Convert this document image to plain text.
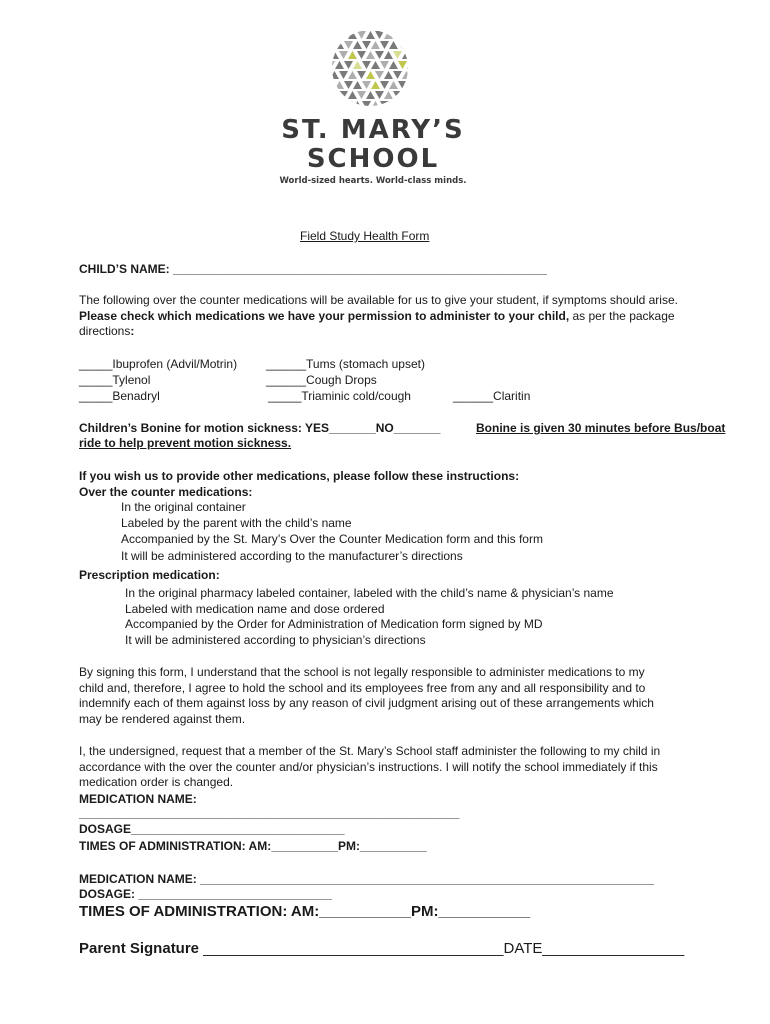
ST. MARY’S
SCHOOL
World-sized hearts. World-class minds.
Field Study Health Form
CHILD’S NAME: ________________________________________________________
The following over the counter medications will be available for us to give your student, if symptoms should arise.
Please check which medications we have your permission to administer to your child, as per the package
directions:
_____Ibuprofen (Advil/Motrin) ______Tums (stomach upset)
_____Tylenol	______Cough Drops
_____Benadryl	_____Triaminic cold/cough	______Claritin
Children’s Bonine for motion sickness: YES_______NO_______	Bonine is given 30 minutes before Bus/boat
ride to help prevent motion sickness.
If you wish us to provide other medications, please follow these instructions:
Over the counter medications:
In the original container
Labeled by the parent with the child’s name
Accompanied by the St. Mary’s Over the Counter Medication form and this form
It will be administered according to the manufacturer’s directions
Prescription medication:
In the original pharmacy labeled container, labeled with the child’s name & physician’s name
Labeled with medication name and dose ordered
Accompanied by the Order for Administration of Medication form signed by MD
It will be administered according to physician’s directions
By signing this form, I understand that the school is not legally responsible to administer medications to my
child and, therefore, I agree to hold the school and its employees free from any and all responsibility and to
indemnify each of them against loss by any reason of civil judgment arising out of these arrangements which
may be rendered against them.
I, the undersigned, request that a member of the St. Mary’s School staff administer the following to my child in
accordance with the over the counter and/or physician’s instructions. I will notify the school immediately if this
medication order is changed.
MEDICATION NAME:
_________________________________________________________
DOSAGE________________________________
TIMES OF ADMINISTRATION: AM:__________PM:__________
MEDICATION NAME: ____________________________________________________________________
DOSAGE: _____________________________
TIMES OF ADMINISTRATION: AM:___________PM:___________
Parent Signature ____________________________________DATE_________________
